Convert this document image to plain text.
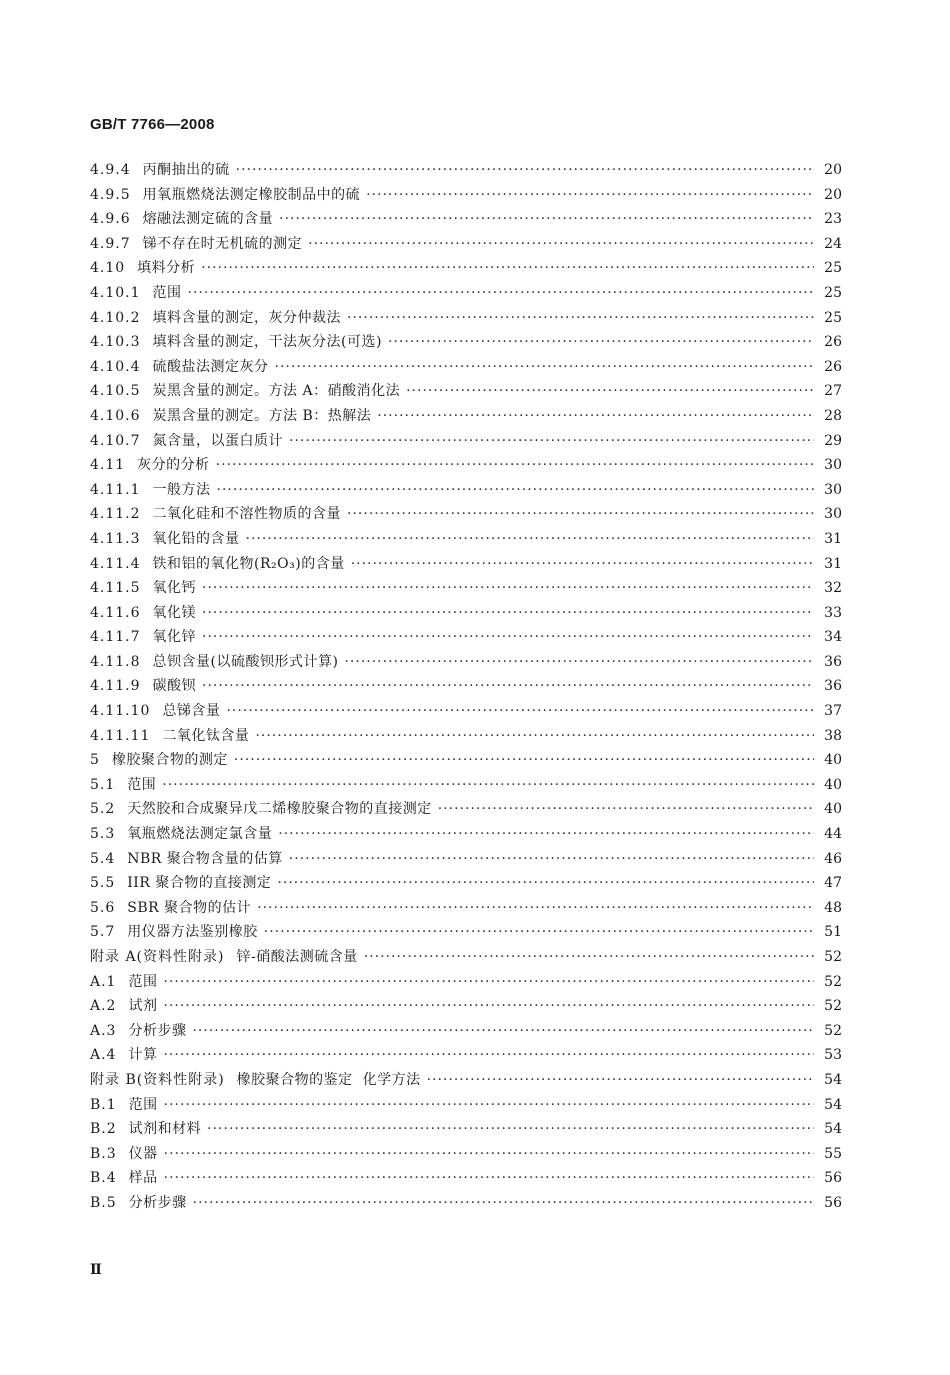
GB/T 7766—2008
4.9.4 丙酮抽出的硫 ·····	20
4.9.5 用氧瓶燃烧法测定橡胶制品中的硫 ·····	20
4.9.6 熔融法测定硫的含量 ·····	23
4.9.7 锑不存在时无机硫的测定 ·····	24
4.10 填料分析 ·····	25
4.10.1 范围 ·····	25
4.10.2 填料含量的测定，灰分仲裁法 ·····	25
4.10.3 填料含量的测定，干法灰分法(可选) ·····	26
4.10.4 硫酸盐法测定灰分 ·····	26
4.10.5 炭黑含量的测定。方法 A：硝酸消化法 ·····	27
4.10.6 炭黑含量的测定。方法 B：热解法 ·····	28
4.10.7 氮含量，以蛋白质计 ·····	29
4.11 灰分的分析 ·····	30
4.11.1 一般方法 ·····	30
4.11.2 二氧化硅和不溶性物质的含量 ·····	30
4.11.3 氧化铅的含量 ·····	31
4.11.4 铁和铝的氧化物(R₂O₃)的含量 ·····	31
4.11.5 氧化钙 ·····	32
4.11.6 氧化镁 ·····	33
4.11.7 氧化锌 ·····	34
4.11.8 总钡含量(以硫酸钡形式计算) ·····	36
4.11.9 碳酸钡 ·····	36
4.11.10 总锑含量 ·····	37
4.11.11 二氧化钛含量 ·····	38
5 橡胶聚合物的测定 ·····	40
5.1 范围 ·····	40
5.2 天然胶和合成聚异戊二烯橡胶聚合物的直接测定 ·····	40
5.3 氧瓶燃烧法测定氯含量 ·····	44
5.4 NBR 聚合物含量的估算 ·····	46
5.5 IIR 聚合物的直接测定 ·····	47
5.6 SBR 聚合物的估计 ·····	48
5.7 用仪器方法鉴别橡胶 ·····	51
附录 A(资料性附录) 锌-硝酸法测硫含量 ·····	52
A.1 范围 ·····	52
A.2 试剂 ·····	52
A.3 分析步骤 ·····	52
A.4 计算 ·····	53
附录 B(资料性附录) 橡胶聚合物的鉴定  化学方法 ·····	54
B.1 范围 ·····	54
B.2 试剂和材料 ·····	54
B.3 仪器 ·····	55
B.4 样品 ·····	56
B.5 分析步骤 ·····	56
Ⅱ
